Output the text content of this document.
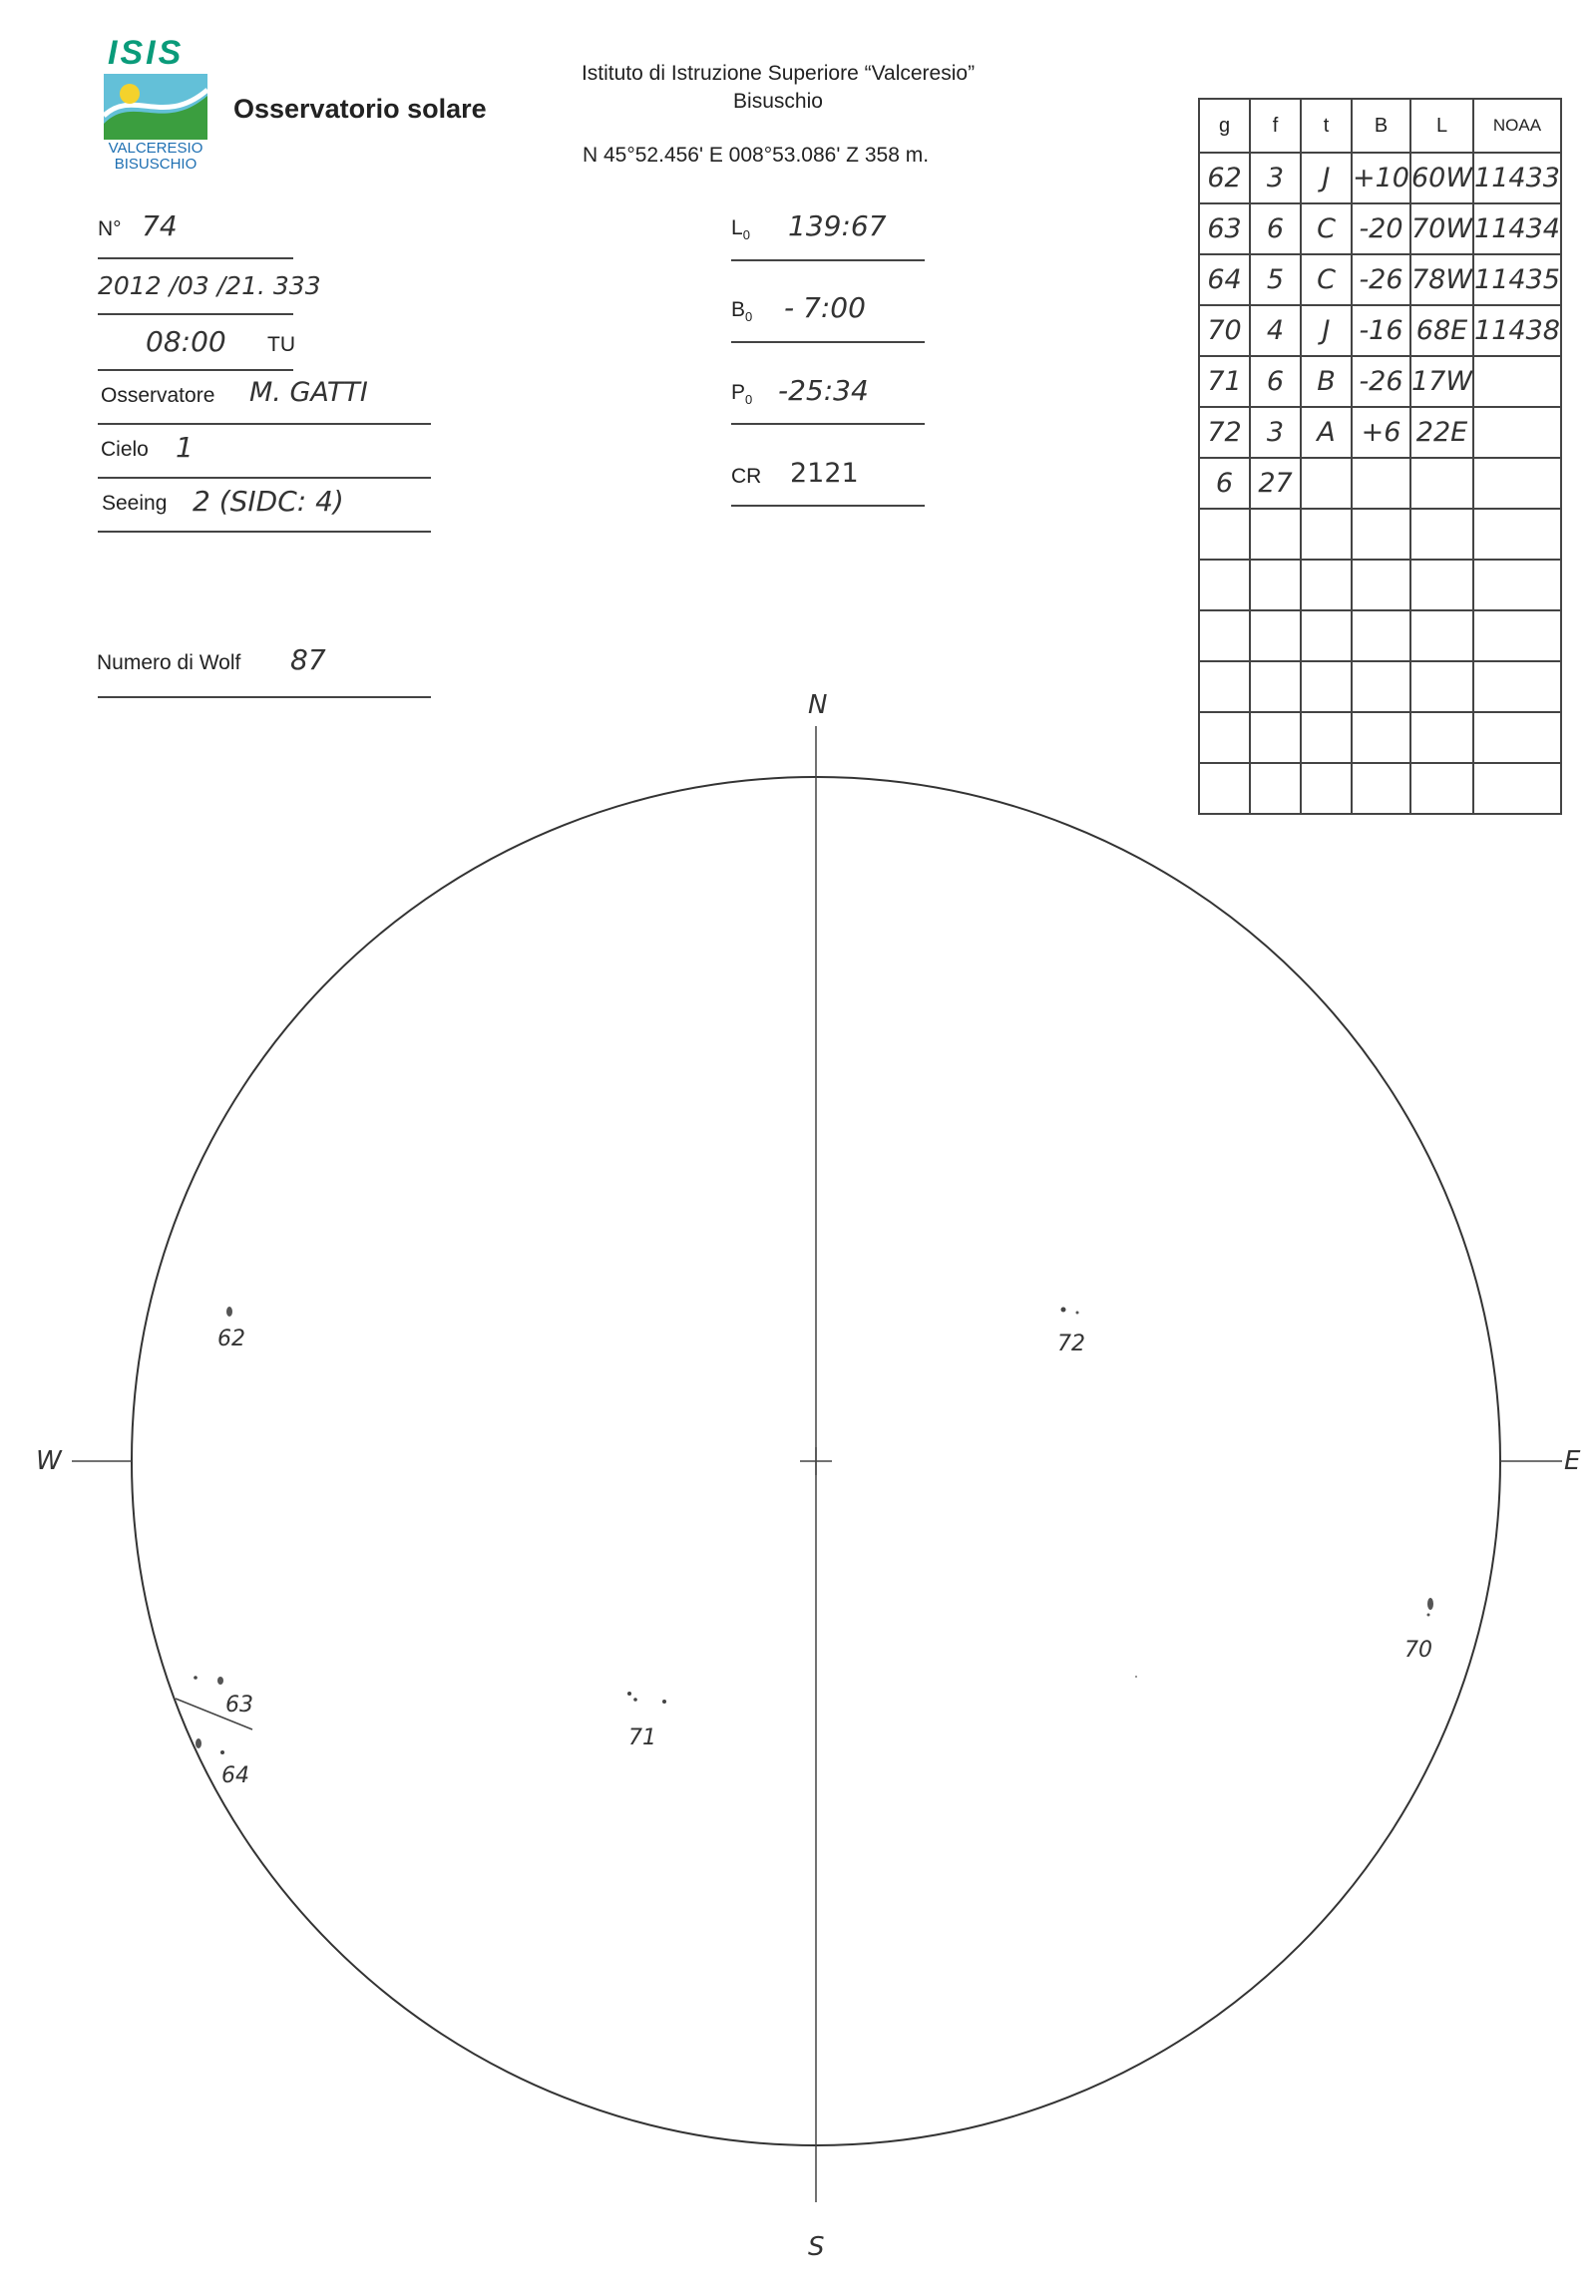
ISIS
VALCERESIO
BISUSCHIO
Osservatorio solare
Istituto di Istruzione Superiore “Valceresio”
Bisuschio
N 45°52.456' E 008°53.086' Z 358 m.
N° 74
2012 /03 /21. 333
08:00 TU
Osservatore M. GATTI
Cielo 1
Seeing 2 (SIDC: 4)
Numero di Wolf 87
$L_0$ 139:67
$B_0$ - 7:00
$P_0$ -25:34
CR 2121
g	f	t	B	L	NOAA
62	3	J	+10	60W	11433
63	6	C	-20	70W	11434
64	5	C	-26	78W	11435
70	4	J	-16	68E	11438
71	6	B	-26	17W	
72	3	A	+6	22E	
6	27				

N
S
W	E
62
63
64
70
71
72
